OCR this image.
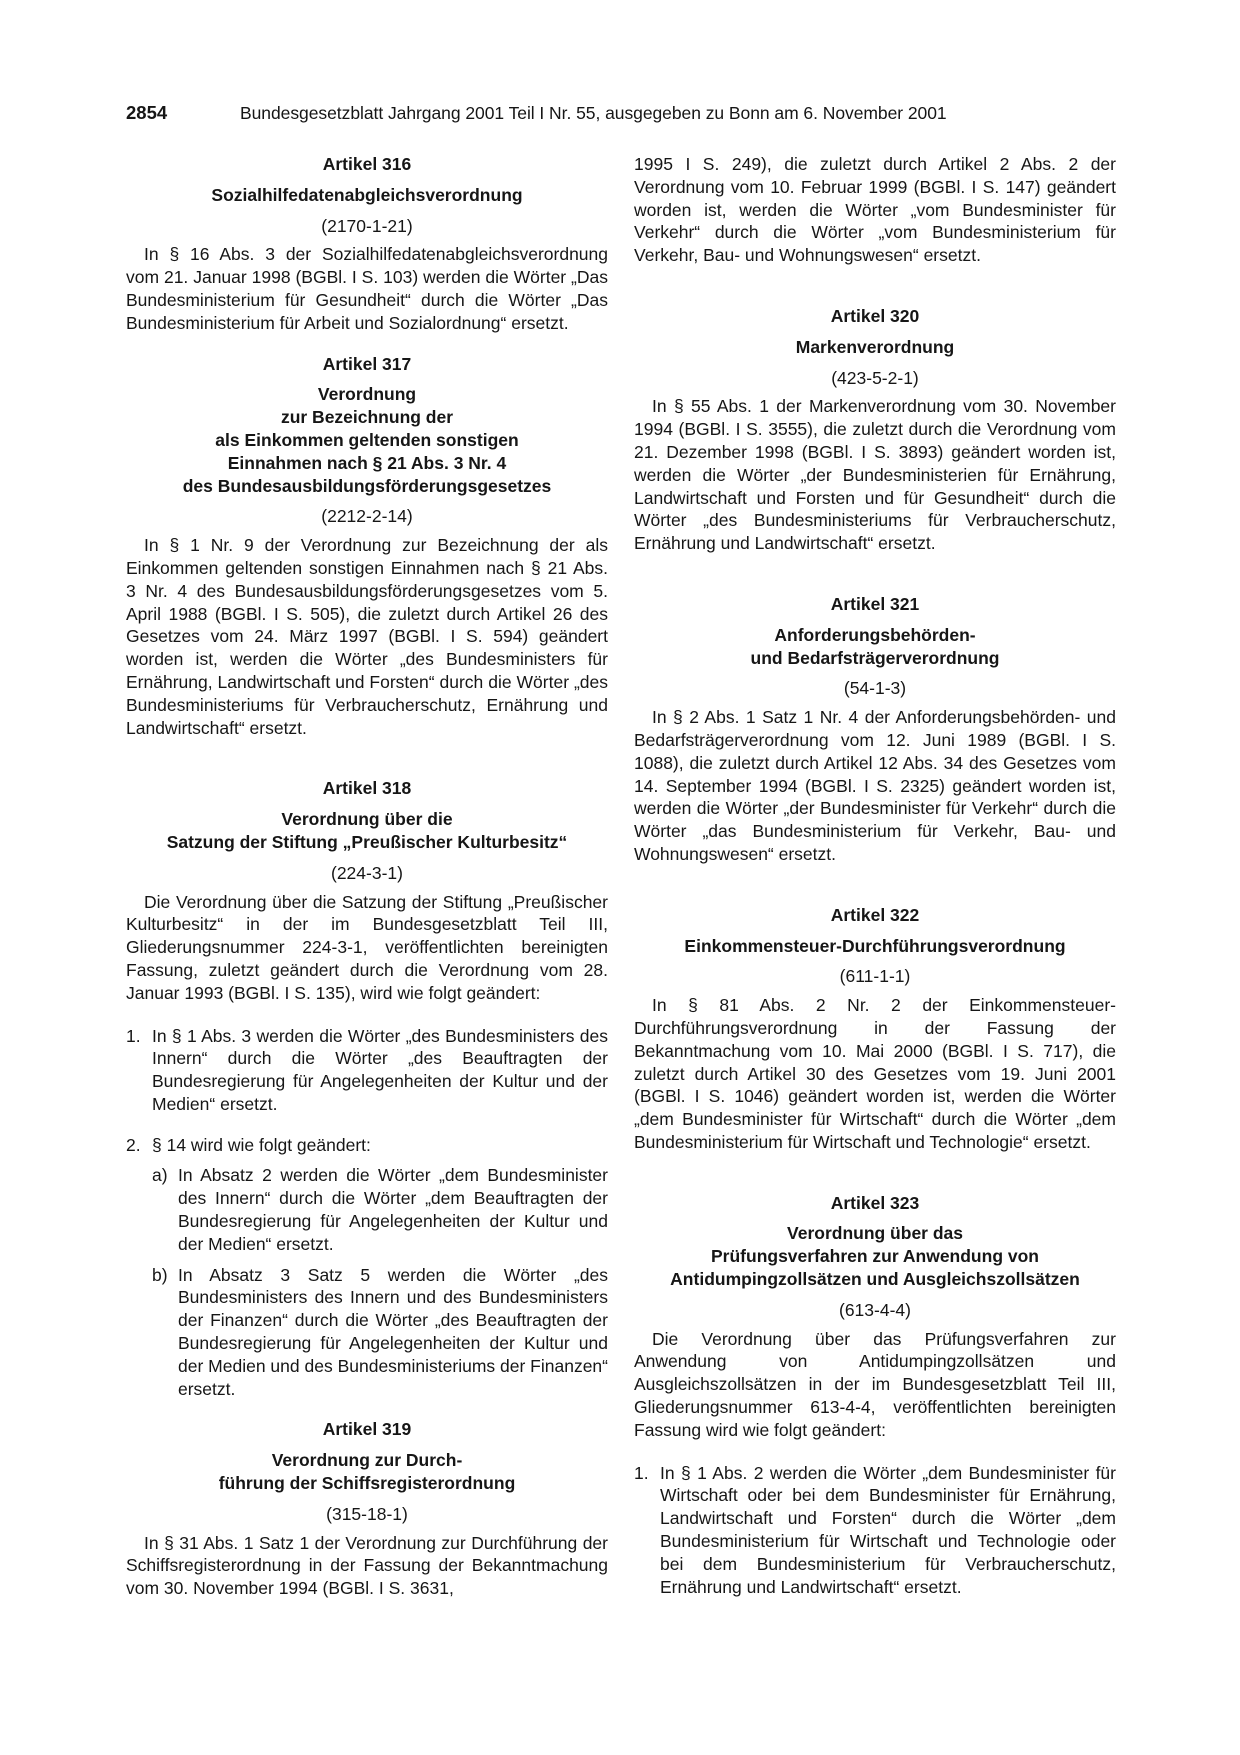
2854	Bundesgesetzblatt Jahrgang 2001 Teil I Nr. 55, ausgegeben zu Bonn am 6. November 2001
Artikel 316
Sozialhilfedatenabgleichsverordnung
(2170-1-21)
In § 16 Abs. 3 der Sozialhilfedatenabgleichsverordnung vom 21. Januar 1998 (BGBl. I S. 103) werden die Wörter „Das Bundesministerium für Gesundheit“ durch die Wörter „Das Bundesministerium für Arbeit und Sozialordnung“ ersetzt.
Artikel 317
Verordnung
zur Bezeichnung der
als Einkommen geltenden sonstigen
Einnahmen nach § 21 Abs. 3 Nr. 4
des Bundesausbildungsförderungsgesetzes
(2212-2-14)
In § 1 Nr. 9 der Verordnung zur Bezeichnung der als Einkommen geltenden sonstigen Einnahmen nach § 21 Abs. 3 Nr. 4 des Bundesausbildungsförderungsgesetzes vom 5. April 1988 (BGBl. I S. 505), die zuletzt durch Artikel 26 des Gesetzes vom 24. März 1997 (BGBl. I S. 594) geändert worden ist, werden die Wörter „des Bundesministers für Ernährung, Landwirtschaft und Forsten“ durch die Wörter „des Bundesministeriums für Verbraucherschutz, Ernährung und Landwirtschaft“ ersetzt.
Artikel 318
Verordnung über die
Satzung der Stiftung „Preußischer Kulturbesitz“
(224-3-1)
Die Verordnung über die Satzung der Stiftung „Preußischer Kulturbesitz“ in der im Bundesgesetzblatt Teil III, Gliederungsnummer 224-3-1, veröffentlichten bereinigten Fassung, zuletzt geändert durch die Verordnung vom 28. Januar 1993 (BGBl. I S. 135), wird wie folgt geändert:
1. In § 1 Abs. 3 werden die Wörter „des Bundesministers des Innern“ durch die Wörter „des Beauftragten der Bundesregierung für Angelegenheiten der Kultur und der Medien“ ersetzt.
2. § 14 wird wie folgt geändert:
a) In Absatz 2 werden die Wörter „dem Bundesminister des Innern“ durch die Wörter „dem Beauftragten der Bundesregierung für Angelegenheiten der Kultur und der Medien“ ersetzt.
b) In Absatz 3 Satz 5 werden die Wörter „des Bundesministers des Innern und des Bundesministers der Finanzen“ durch die Wörter „des Beauftragten der Bundesregierung für Angelegenheiten der Kultur und der Medien und des Bundesministeriums der Finanzen“ ersetzt.
Artikel 319
Verordnung zur Durch-
führung der Schiffsregisterordnung
(315-18-1)
In § 31 Abs. 1 Satz 1 der Verordnung zur Durchführung der Schiffsregisterordnung in der Fassung der Bekanntmachung vom 30. November 1994 (BGBl. I S. 3631,
1995 I S. 249), die zuletzt durch Artikel 2 Abs. 2 der Verordnung vom 10. Februar 1999 (BGBl. I S. 147) geändert worden ist, werden die Wörter „vom Bundesminister für Verkehr“ durch die Wörter „vom Bundesministerium für Verkehr, Bau- und Wohnungswesen“ ersetzt.
Artikel 320
Markenverordnung
(423-5-2-1)
In § 55 Abs. 1 der Markenverordnung vom 30. November 1994 (BGBl. I S. 3555), die zuletzt durch die Verordnung vom 21. Dezember 1998 (BGBl. I S. 3893) geändert worden ist, werden die Wörter „der Bundesministerien für Ernährung, Landwirtschaft und Forsten und für Gesundheit“ durch die Wörter „des Bundesministeriums für Verbraucherschutz, Ernährung und Landwirtschaft“ ersetzt.
Artikel 321
Anforderungsbehörden-
und Bedarfsträgerverordnung
(54-1-3)
In § 2 Abs. 1 Satz 1 Nr. 4 der Anforderungsbehörden- und Bedarfsträgerverordnung vom 12. Juni 1989 (BGBl. I S. 1088), die zuletzt durch Artikel 12 Abs. 34 des Gesetzes vom 14. September 1994 (BGBl. I S. 2325) geändert worden ist, werden die Wörter „der Bundesminister für Verkehr“ durch die Wörter „das Bundesministerium für Verkehr, Bau- und Wohnungswesen“ ersetzt.
Artikel 322
Einkommensteuer-Durchführungsverordnung
(611-1-1)
In § 81 Abs. 2 Nr. 2 der Einkommensteuer-Durchführungsverordnung in der Fassung der Bekanntmachung vom 10. Mai 2000 (BGBl. I S. 717), die zuletzt durch Artikel 30 des Gesetzes vom 19. Juni 2001 (BGBl. I S. 1046) geändert worden ist, werden die Wörter „dem Bundesminister für Wirtschaft“ durch die Wörter „dem Bundesministerium für Wirtschaft und Technologie“ ersetzt.
Artikel 323
Verordnung über das
Prüfungsverfahren zur Anwendung von
Antidumpingzollsätzen und Ausgleichszollsätzen
(613-4-4)
Die Verordnung über das Prüfungsverfahren zur Anwendung von Antidumpingzollsätzen und Ausgleichszollsätzen in der im Bundesgesetzblatt Teil III, Gliederungsnummer 613-4-4, veröffentlichten bereinigten Fassung wird wie folgt geändert:
1. In § 1 Abs. 2 werden die Wörter „dem Bundesminister für Wirtschaft oder bei dem Bundesminister für Ernährung, Landwirtschaft und Forsten“ durch die Wörter „dem Bundesministerium für Wirtschaft und Technologie oder bei dem Bundesministerium für Verbraucherschutz, Ernährung und Landwirtschaft“ ersetzt.
